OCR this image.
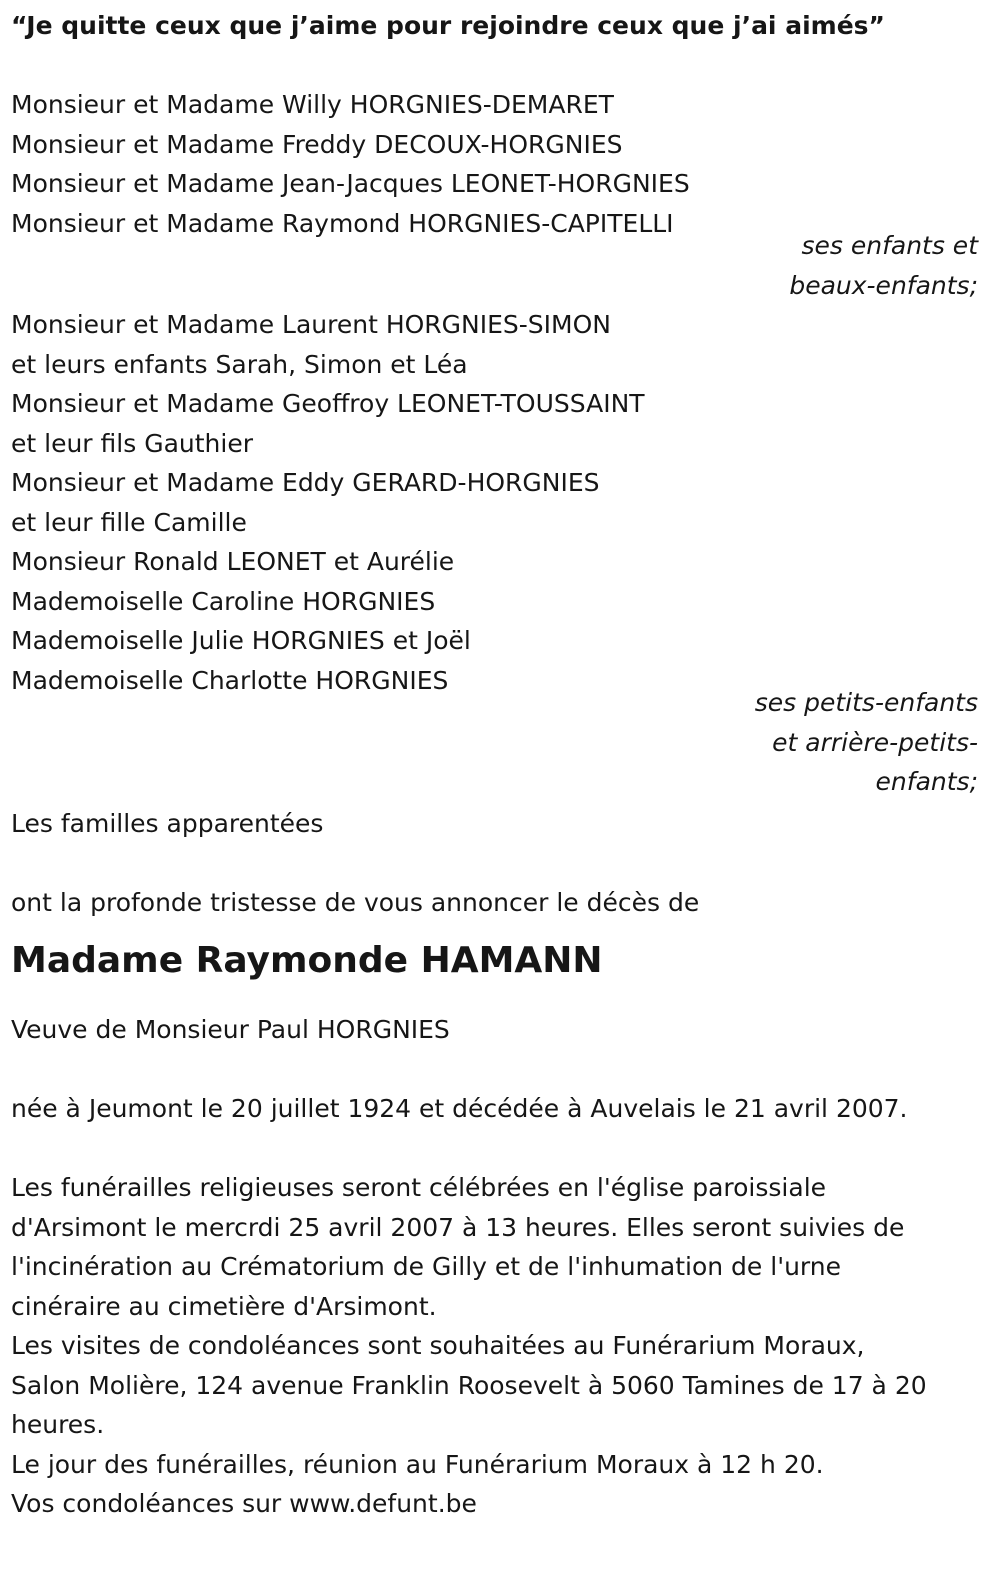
“Je quitte ceux que j’aime pour rejoindre ceux que j’ai aimés”
Monsieur et Madame Willy HORGNIES-DEMARET
Monsieur et Madame Freddy DECOUX-HORGNIES
Monsieur et Madame Jean-Jacques LEONET-HORGNIES
Monsieur et Madame Raymond HORGNIES-CAPITELLI
ses enfants et
beaux-enfants;
Monsieur et Madame Laurent HORGNIES-SIMON
et leurs enfants Sarah, Simon et Léa
Monsieur et Madame Geoffroy LEONET-TOUSSAINT
et leur fils Gauthier
Monsieur et Madame Eddy GERARD-HORGNIES
et leur fille Camille
Monsieur Ronald LEONET et Aurélie
Mademoiselle Caroline HORGNIES
Mademoiselle Julie HORGNIES et Joël
Mademoiselle Charlotte HORGNIES
ses petits-enfants
et arrière-petits-
enfants;
Les familles apparentées
ont la profonde tristesse de vous annoncer le décès de
Madame Raymonde HAMANN
Veuve de Monsieur Paul HORGNIES
née à Jeumont le 20 juillet 1924 et décédée à Auvelais le 21 avril 2007.
Les funérailles religieuses seront célébrées en l'église paroissiale
d'Arsimont le mercrdi 25 avril 2007 à 13 heures. Elles seront suivies de
l'incinération au Crématorium de Gilly et de l'inhumation de l'urne
cinéraire au cimetière d'Arsimont.
Les visites de condoléances sont souhaitées au Funérarium Moraux,
Salon Molière, 124 avenue Franklin Roosevelt à 5060 Tamines de 17 à 20
heures.
Le jour des funérailles, réunion au Funérarium Moraux à 12 h 20.
Vos condoléances sur www.defunt.be
